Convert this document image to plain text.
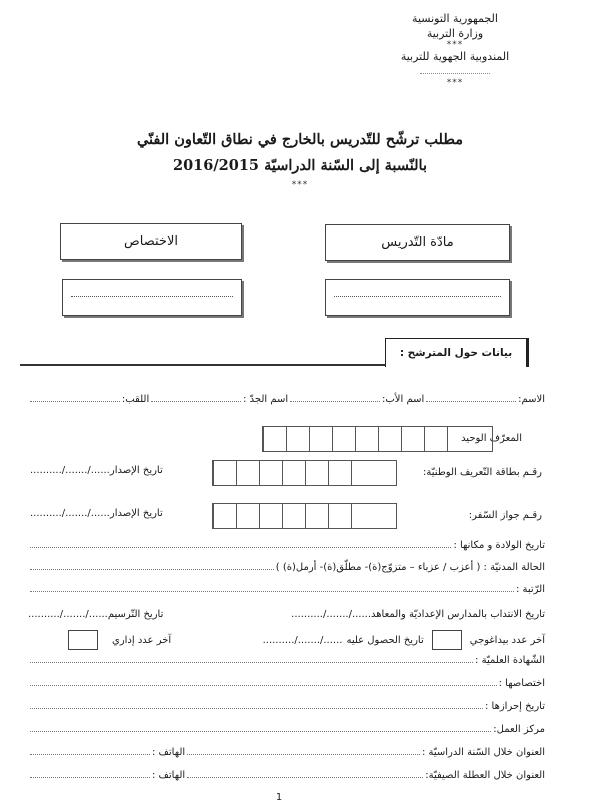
الجمهورية التونسية
وزارة التربية
***
المندوبية الجهوية للتربية
***
مطلب ترشّح للتّدريس بالخارج في نطاق التّعاون الفنّي
بالنّسبة إلى السّنة الدراسيّة 2016/2015
***
مادّة التّدريس
الاختصاص
بيانات حول المترشح :
الاسم
:
اسم الأب
:
اسم الجدّ :
اللقب:
المعرّف الوحيد
رقـم بطاقة التّعريف الوطنيّة:
تاريخ الإصدار....../......./..........
رقـم جواز السّفر:
تاريخ الإصدار....../......./..........
تاريخ الولادة و مكانها :
الحالة المدنيّة : ( أعزب / عزباء – متزوّج(ة)- مطلّق(ة)- أرمل(ة) )
الرّتبة :
تاريخ الانتداب بالمدارس الإعداديّة والمعاهد
....../......./..........
تاريخ التّرسيم
....../......./..........
آخر عدد بيداغوجي
تاريخ الحصول عليه
....../......./..........
آخر عدد إداري
الشّهادة العلميّة :
اختصاصها :
تاريخ إحرازها :
مركز العمل:
العنوان خلال السّنة الدراسيّة :
الهاتف :
العنوان خلال العطلة الصيفيّة:
الهاتف :
1
